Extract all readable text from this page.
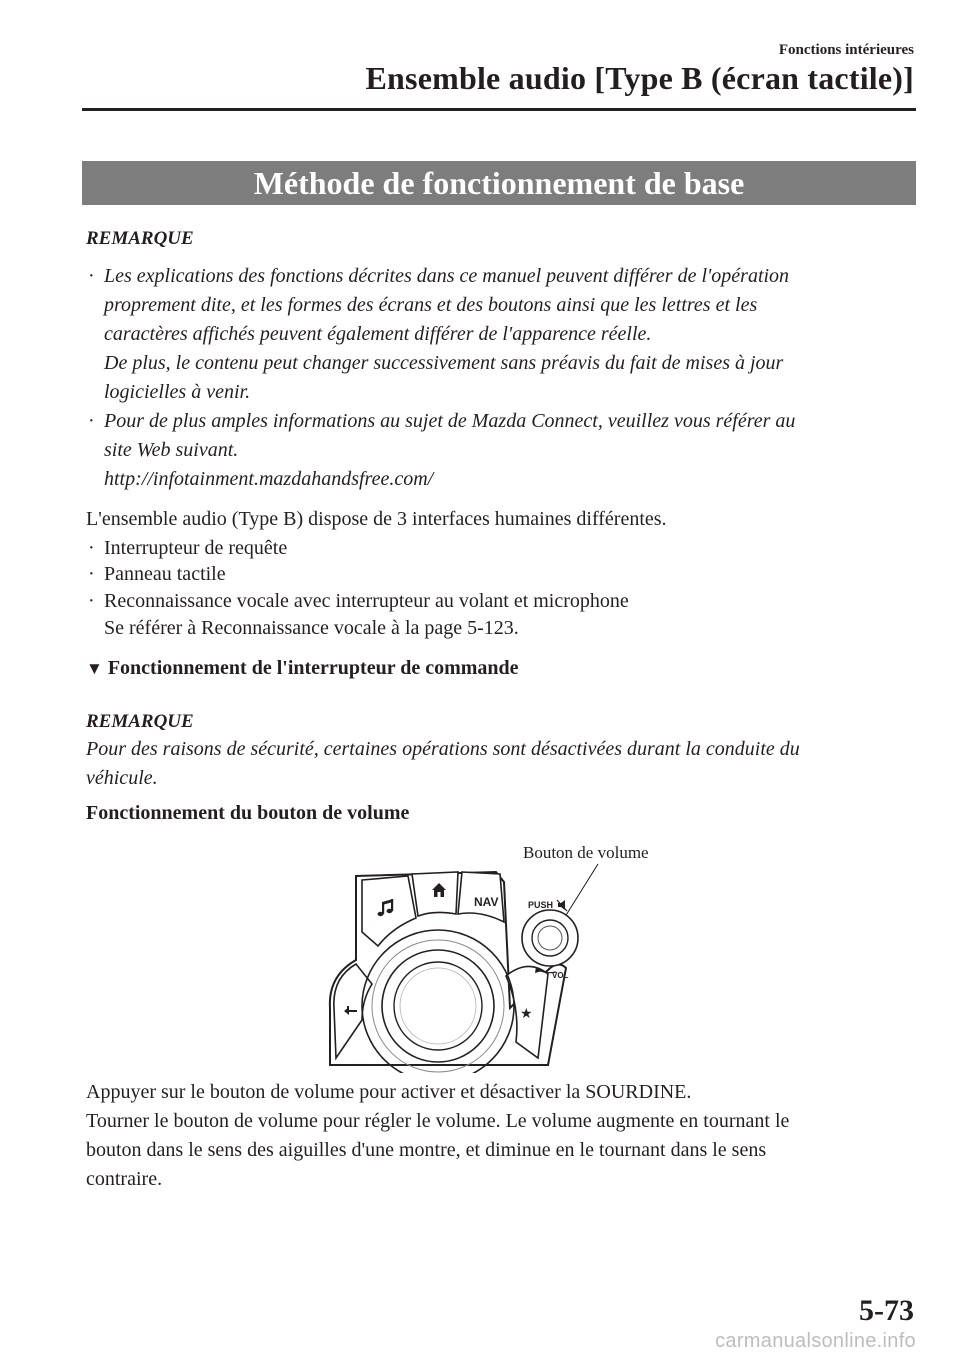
Fonctions intérieures
Ensemble audio [Type B (écran tactile)]
Méthode de fonctionnement de base
REMARQUE
· Les explications des fonctions décrites dans ce manuel peuvent différer de l'opération
proprement dite, et les formes des écrans et des boutons ainsi que les lettres et les
caractères affichés peuvent également différer de l'apparence réelle.
De plus, le contenu peut changer successivement sans préavis du fait de mises à jour
logicielles à venir.
· Pour de plus amples informations au sujet de Mazda Connect, veuillez vous référer au
site Web suivant.
http://infotainment.mazdahandsfree.com/
L'ensemble audio (Type B) dispose de 3 interfaces humaines différentes.
· Interrupteur de requête
· Panneau tactile
· Reconnaissance vocale avec interrupteur au volant et microphone
Se référer à Reconnaissance vocale à la page 5-123.
▼ Fonctionnement de l'interrupteur de commande
REMARQUE
Pour des raisons de sécurité, certaines opérations sont désactivées durant la conduite du
véhicule.
Fonctionnement du bouton de volume
Bouton de volume
NAV
★
PUSH
VOL
Appuyer sur le bouton de volume pour activer et désactiver la SOURDINE.
Tourner le bouton de volume pour régler le volume. Le volume augmente en tournant le
bouton dans le sens des aiguilles d'une montre, et diminue en le tournant dans le sens
contraire.
5-73
carmanualsonline.info
